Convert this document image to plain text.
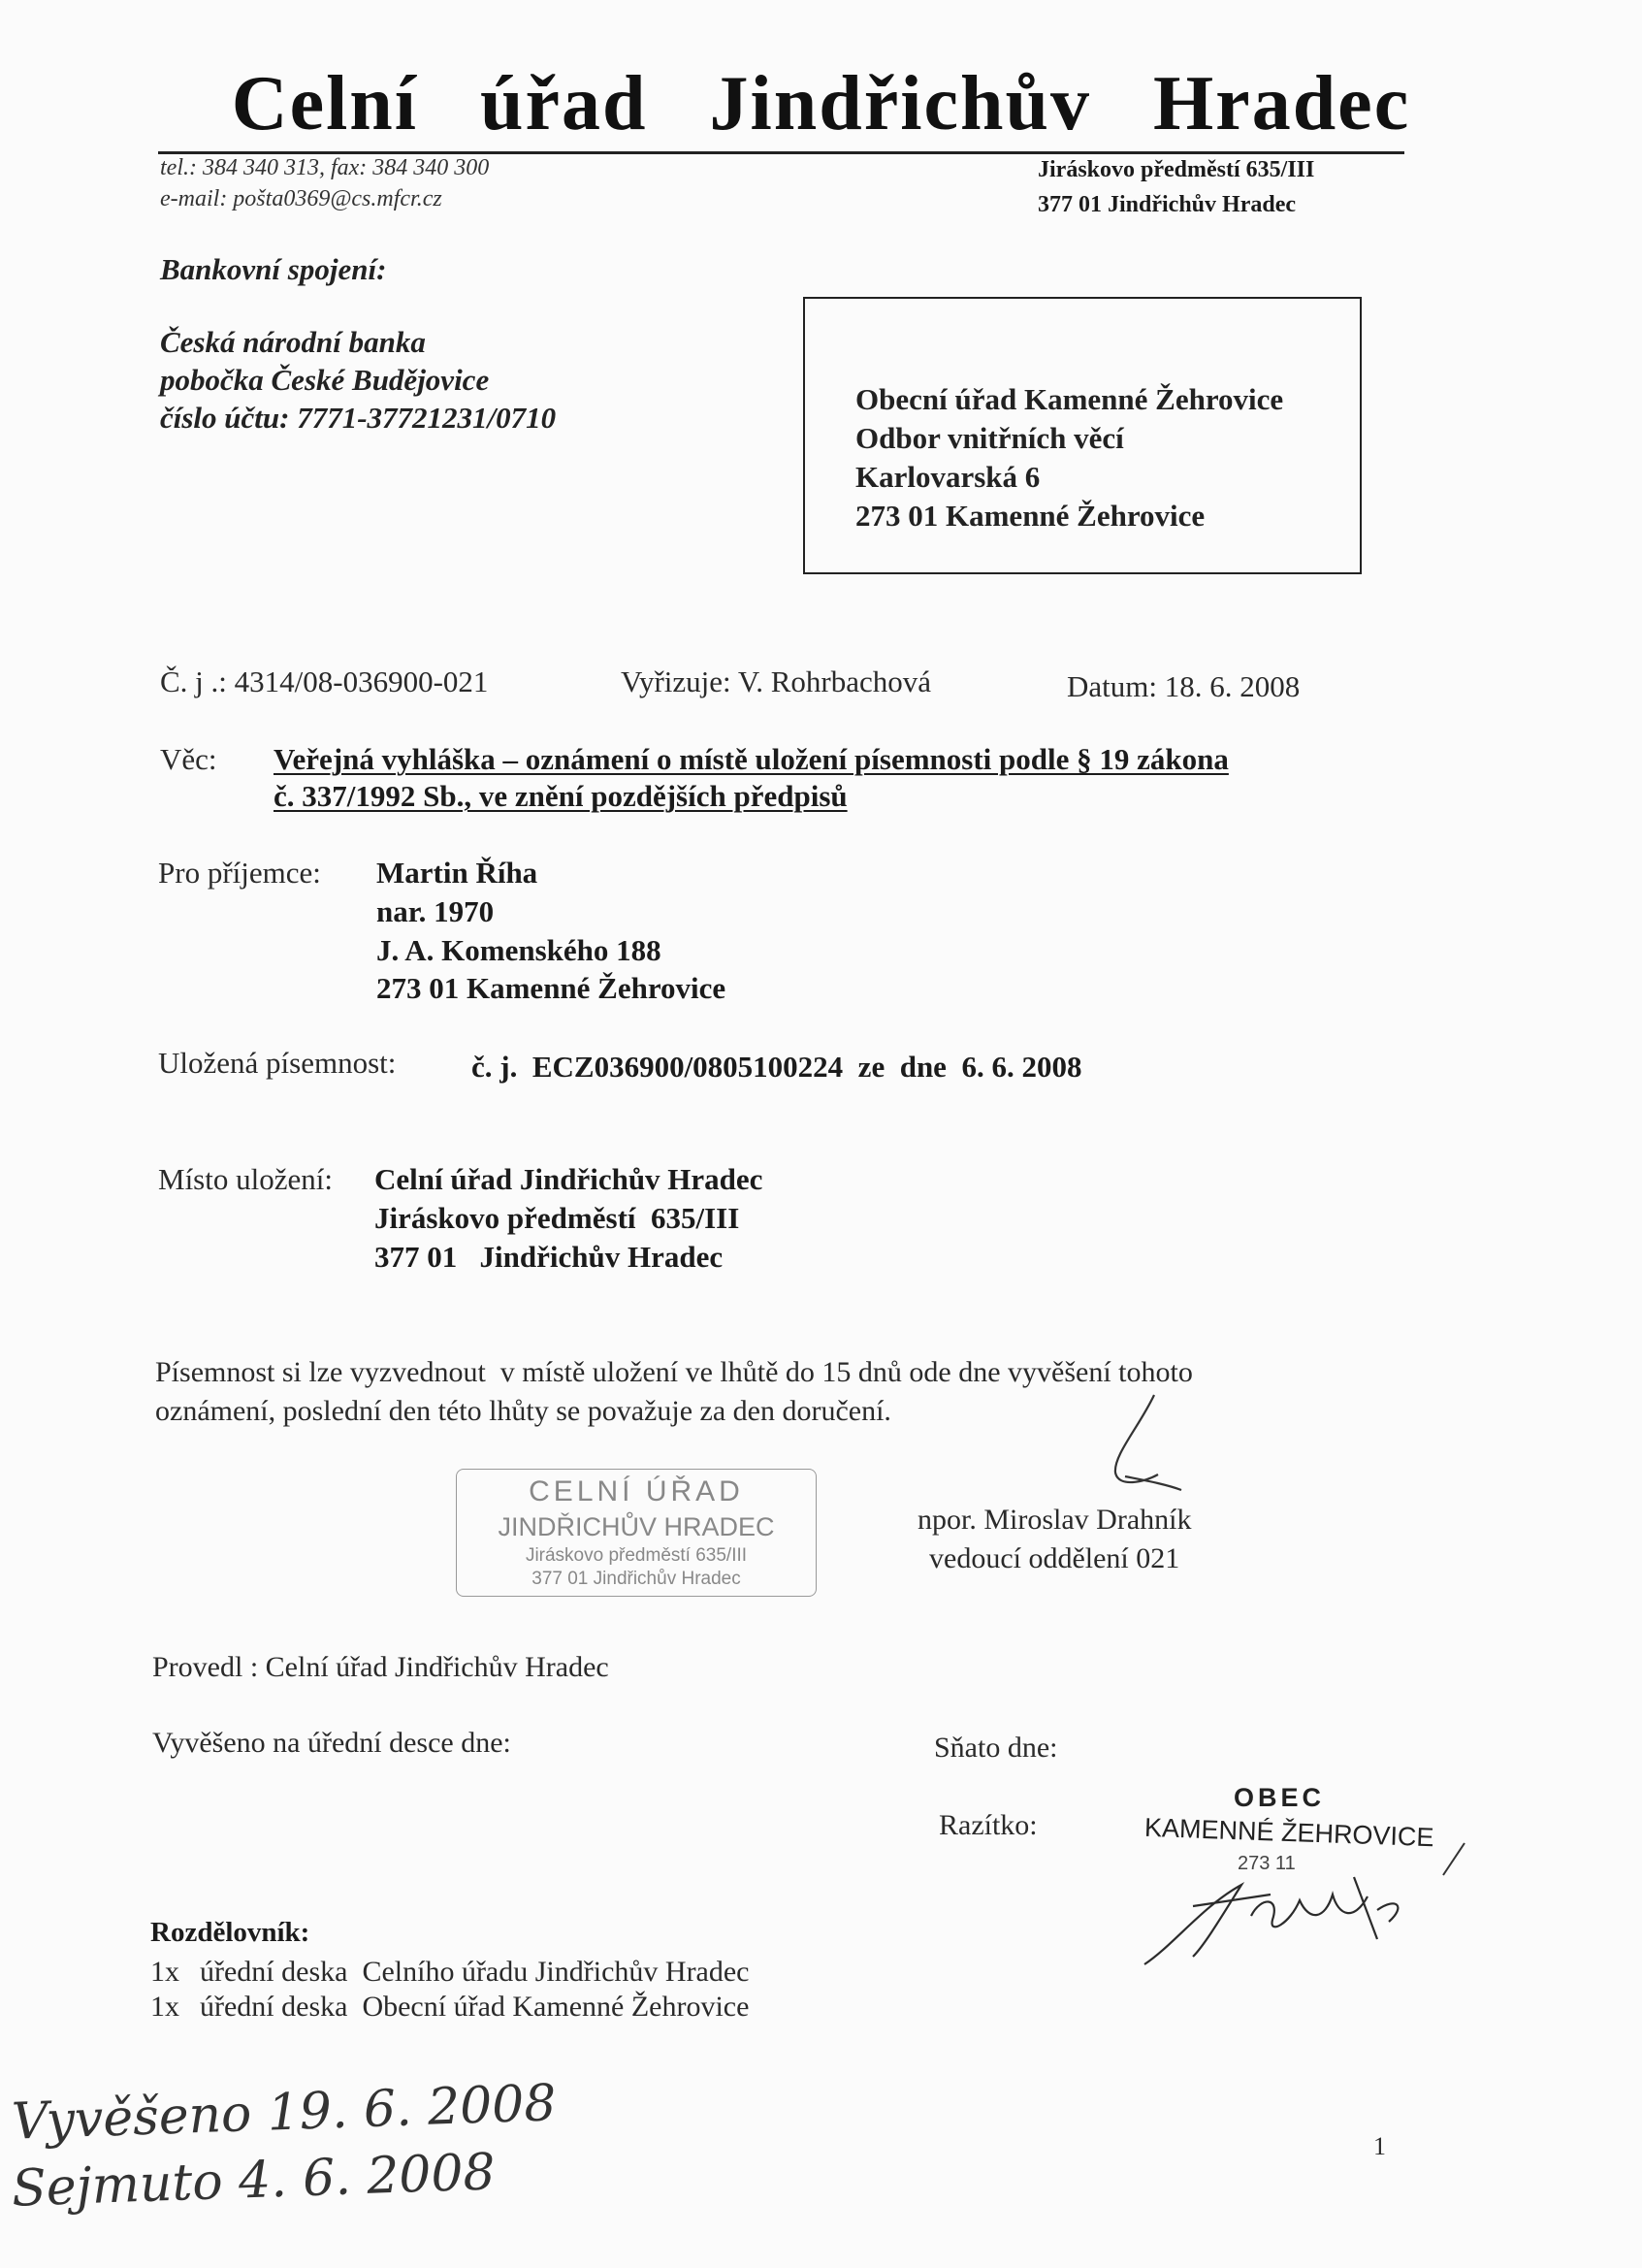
Celní úřad Jindřichův Hradec
tel.: 384 340 313, fax: 384 340 300
e-mail: pošta0369@cs.mfcr.cz
Jiráskovo předměstí 635/III
377 01 Jindřichův Hradec
Bankovní spojení:
Česká národní banka
pobočka České Budějovice
číslo účtu: 7771-37721231/0710
Obecní úřad Kamenné Žehrovice
Odbor vnitřních věcí
Karlovarská 6
273 01 Kamenné Žehrovice
Č. j .: 4314/08-036900-021	Vyřizuje: V. Rohrbachová	Datum: 18. 6. 2008
Věc: Veřejná vyhláška – oznámení o místě uložení písemnosti podle § 19 zákona
č. 337/1992 Sb., ve znění pozdějších předpisů
Pro příjemce: Martin Říha
nar. 1970
J. A. Komenského 188
273 01 Kamenné Žehrovice
Uložená písemnost:	č. j.  ECZ036900/0805100224  ze  dne  6. 6. 2008
Místo uložení: Celní úřad Jindřichův Hradec
Jiráskovo předměstí  635/III
377 01   Jindřichův Hradec
Písemnost si lze vyzvednout  v místě uložení ve lhůtě do 15 dnů ode dne vyvěšení tohoto
oznámení, poslední den této lhůty se považuje za den doručení.
CELNÍ ÚŘAD
JINDŘICHŮV HRADEC
Jiráskovo předměstí 635/III
377 01 Jindřichův Hradec
npor. Miroslav Drahník
vedoucí oddělení 021
Provedl : Celní úřad Jindřichův Hradec
Vyvěšeno na úřední desce dne:	Sňato dne:
Razítko:
OBEC
KAMENNÉ ŽEHROVICE
273 11
Rozdělovník:
1x úřední deska  Celního úřadu Jindřichův Hradec
1x úřední deska  Obecní úřad Kamenné Žehrovice
Vyvěšeno 19. 6. 2008
Sejmuto 4. 6. 2008	1
